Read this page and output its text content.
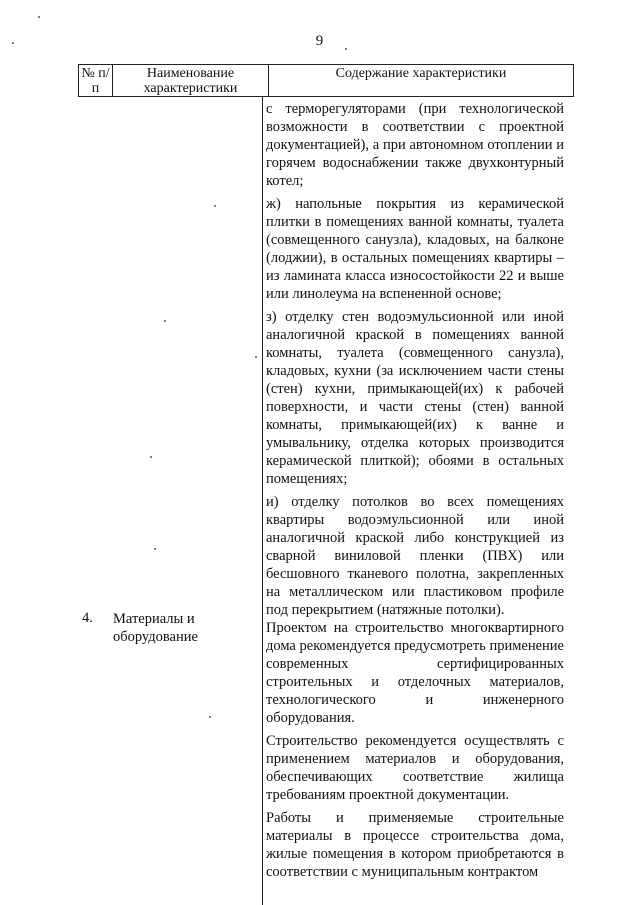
9
№ п/п
Наименование характеристики
Содержание характеристики

с терморегуляторами (при технологической возможности в соответствии с проектной документацией), а при автономном отоплении и горячем водоснабжении также двухконтурный котел;

ж) напольные покрытия из керамической плитки в помещениях ванной комнаты, туалета (совмещенного санузла), кладовых, на балконе (лоджии), в остальных помещениях квартиры – из ламината класса износостойкости 22 и выше или линолеума на вспененной основе;

з) отделку стен водоэмульсионной или иной аналогичной краской в помещениях ванной комнаты, туалета (совмещенного санузла), кладовых, кухни (за исключением части стены (стен) кухни, примыкающей(их) к рабочей поверхности, и части стены (стен) ванной комнаты, примыкающей(их) к ванне и умывальнику, отделка которых производится керамической плиткой); обоями в остальных помещениях;

и) отделку потолков во всех помещениях квартиры водоэмульсионной или иной аналогичной краской либо конструкцией из сварной виниловой пленки (ПВХ) или бесшовного тканевого полотна, закрепленных на металлическом или пластиковом профиле под перекрытием (натяжные потолки).

Проектом на строительство многоквартирного дома рекомендуется предусмотреть применение современных сертифицированных строительных и отделочных материалов, технологического и инженерного оборудования.

Строительство рекомендуется осуществлять с применением материалов и оборудования, обеспечивающих соответствие жилища требованиям проектной документации.

Работы и применяемые строительные материалы в процессе строительства дома, жилые помещения в котором приобретаются в соответствии с муниципальным контрактом

4. Материалы и оборудование
